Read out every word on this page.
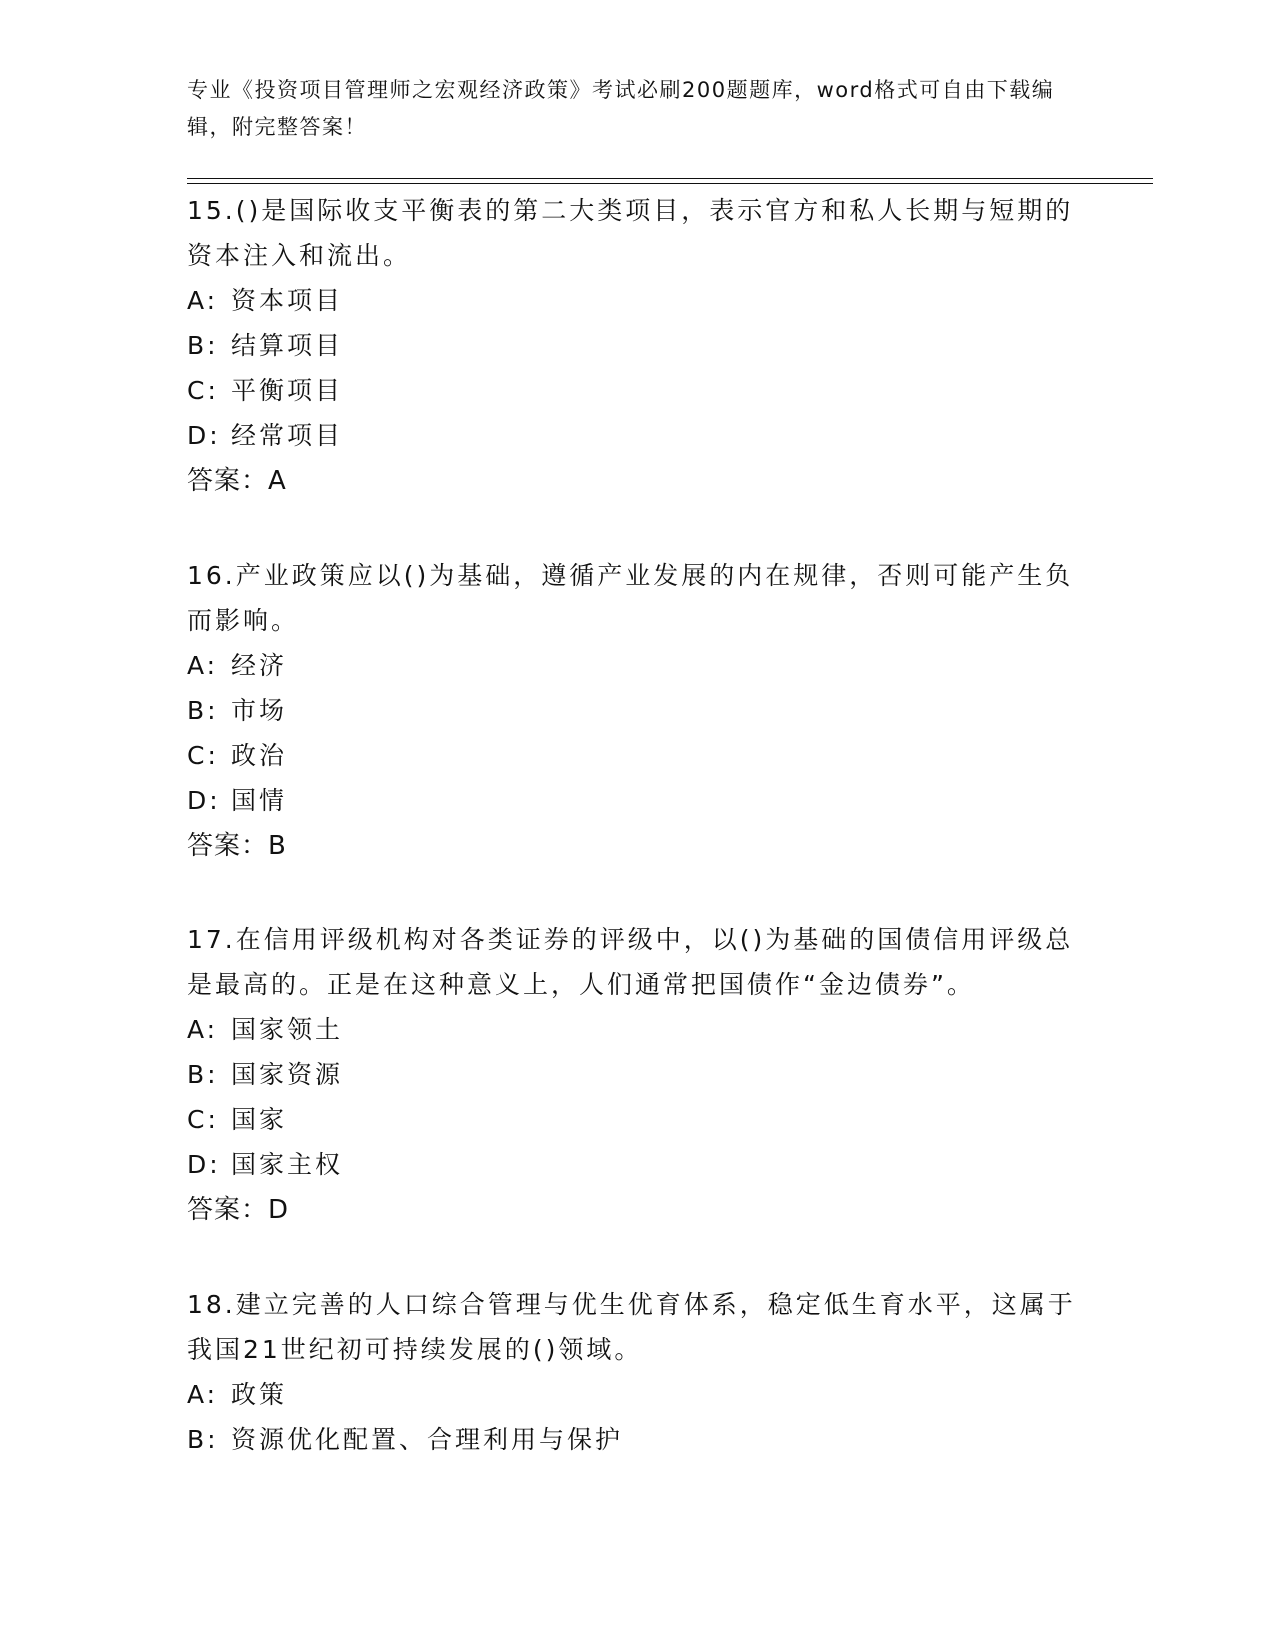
专业《投资项目管理师之宏观经济政策》考试必刷200题题库，word格式可自由下载编辑，附完整答案！

15.()是国际收支平衡表的第二大类项目，表示官方和私人长期与短期的资本注入和流出。

A: 资本项目

B: 结算项目

C: 平衡项目

D: 经常项目

答案：A

16.产业政策应以()为基础，遵循产业发展的内在规律，否则可能产生负而影响。

A: 经济

B: 市场

C: 政治

D: 国情

答案：B

17.在信用评级机构对各类证券的评级中，以()为基础的国债信用评级总是最高的。正是在这种意义上，人们通常把国债作“金边债券”。

A: 国家领土

B: 国家资源

C: 国家

D: 国家主权

答案：D

18.建立完善的人口综合管理与优生优育体系，稳定低生育水平，这属于我国21世纪初可持续发展的()领域。

A: 政策

B: 资源优化配置、合理利用与保护
